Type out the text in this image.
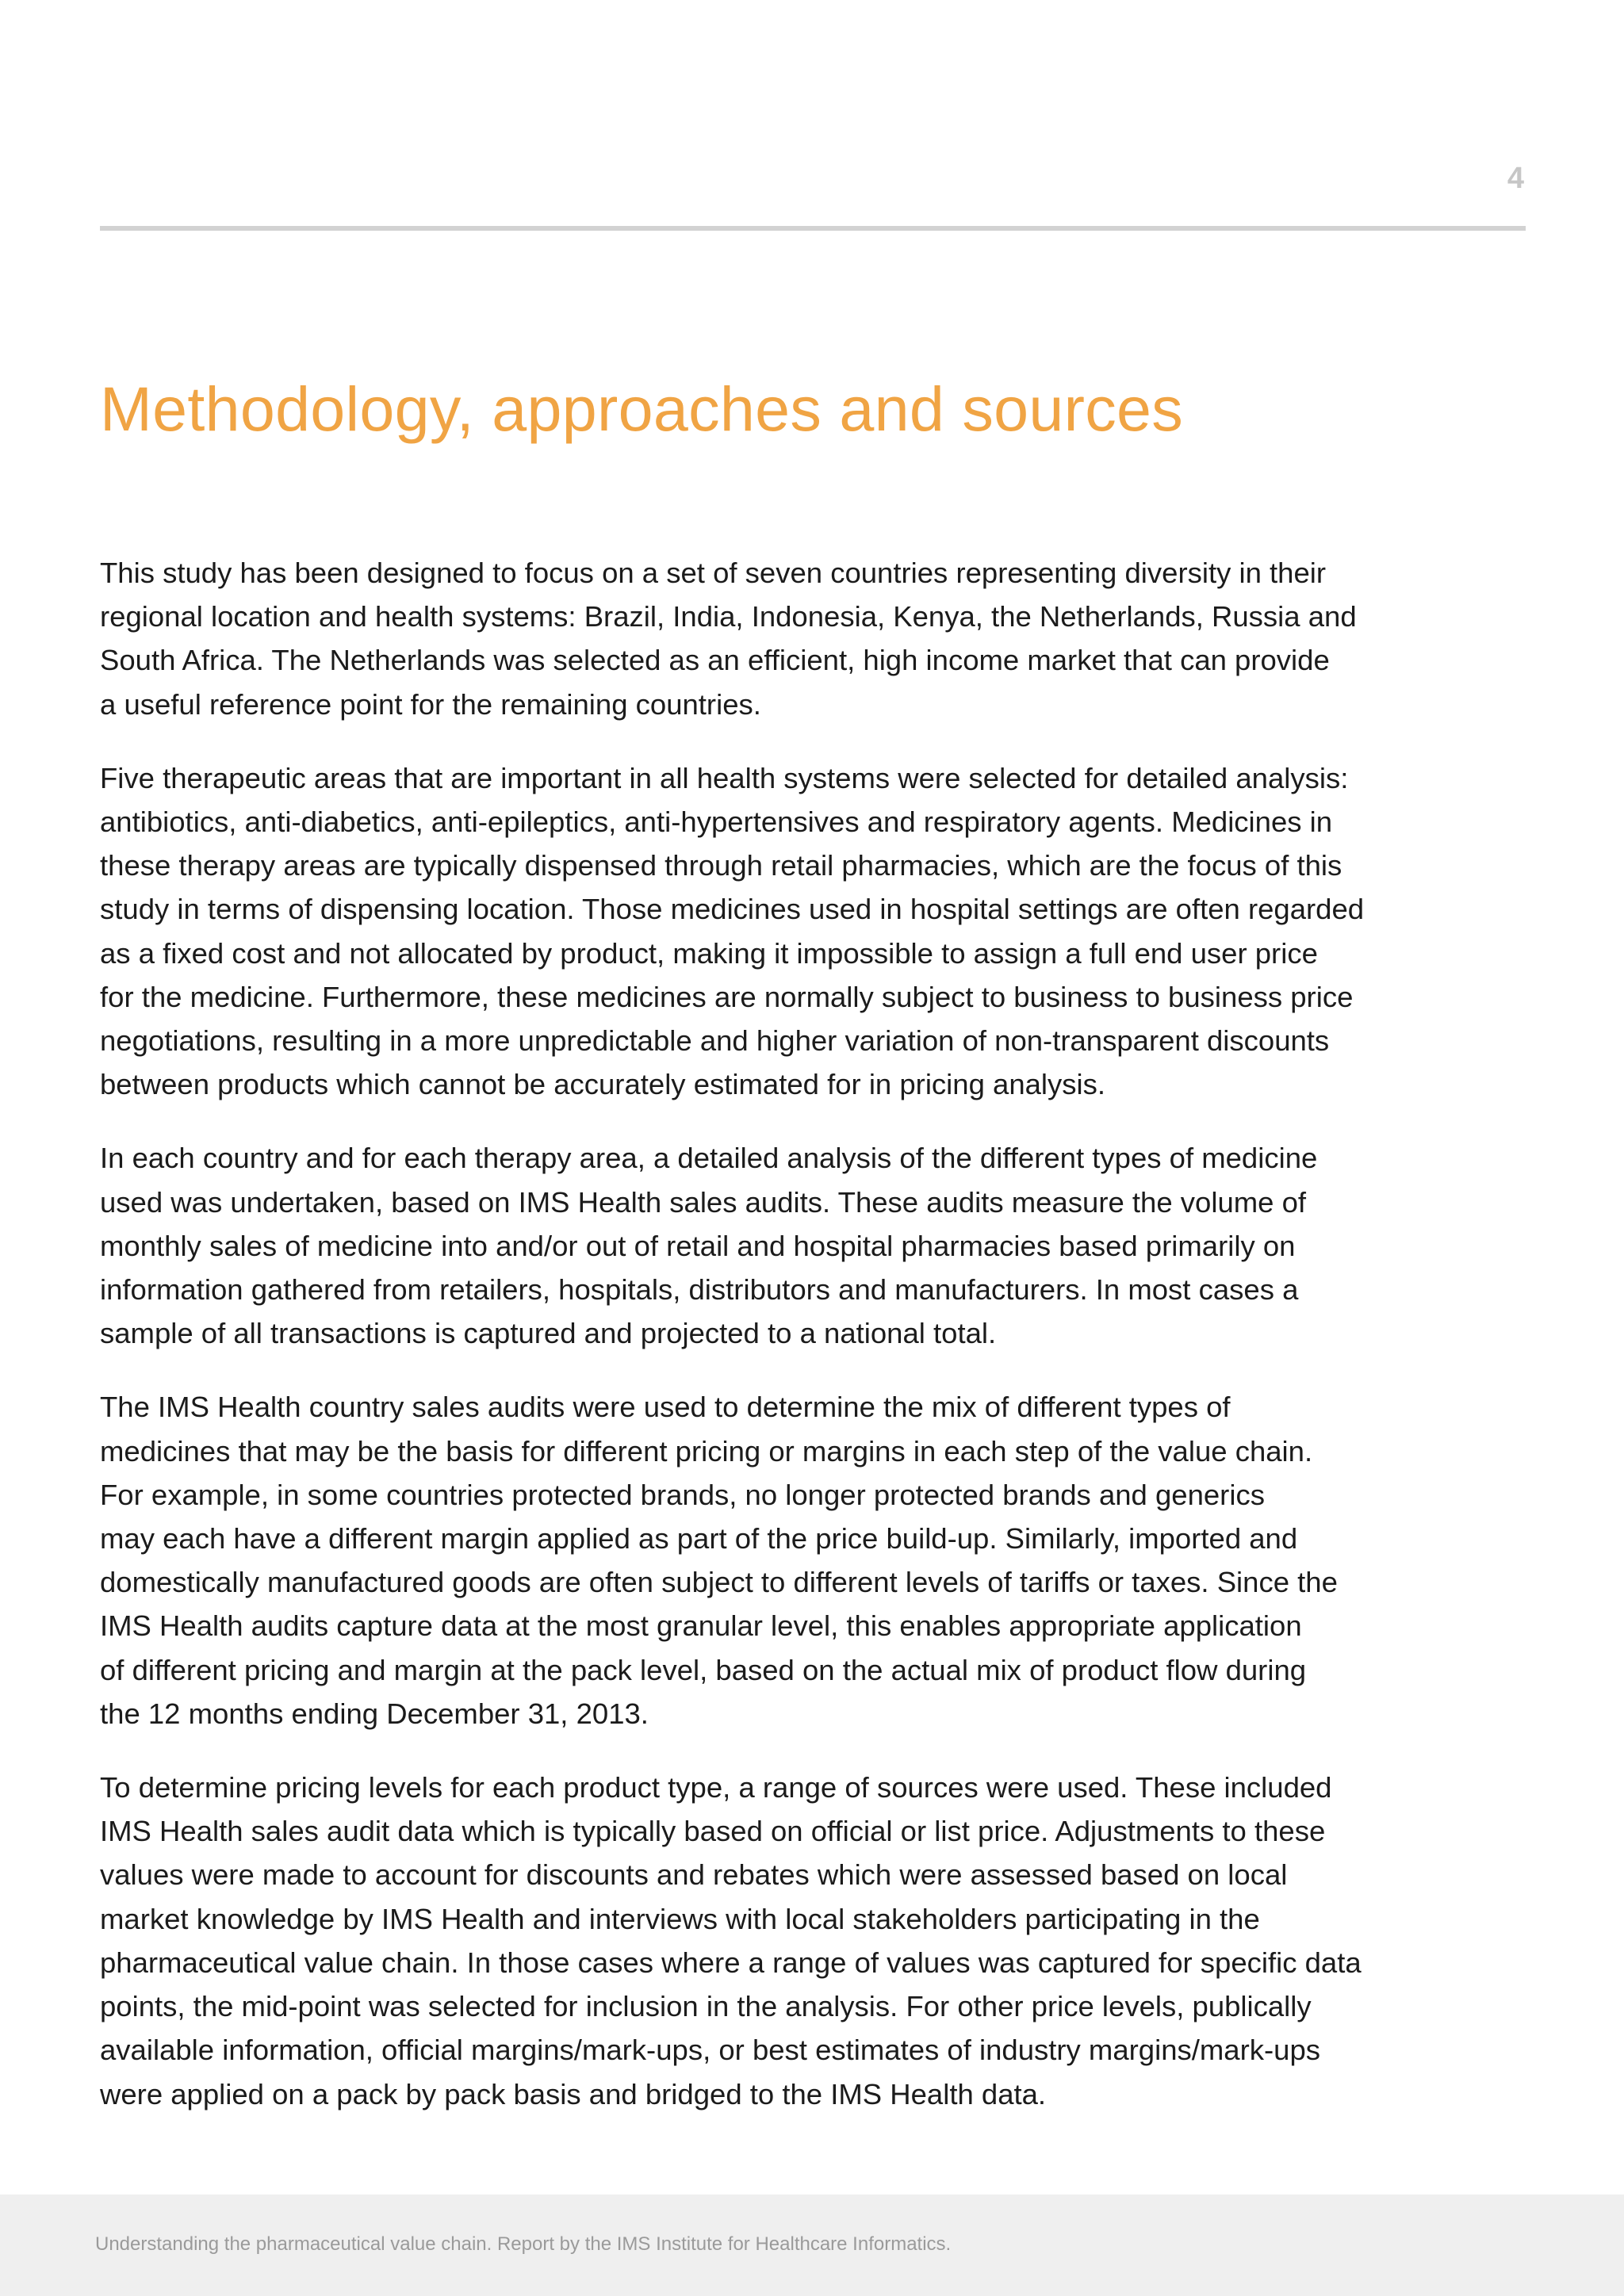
4
Methodology, approaches and sources

This study has been designed to focus on a set of seven countries representing diversity in their
regional location and health systems: Brazil, India, Indonesia, Kenya, the Netherlands, Russia and
South Africa. The Netherlands was selected as an efficient, high income market that can provide
a useful reference point for the remaining countries.

Five therapeutic areas that are important in all health systems were selected for detailed analysis:
antibiotics, anti-diabetics, anti-epileptics, anti-hypertensives and respiratory agents. Medicines in
these therapy areas are typically dispensed through retail pharmacies, which are the focus of this
study in terms of dispensing location. Those medicines used in hospital settings are often regarded
as a fixed cost and not allocated by product, making it impossible to assign a full end user price
for the medicine. Furthermore, these medicines are normally subject to business to business price
negotiations, resulting in a more unpredictable and higher variation of non-transparent discounts
between products which cannot be accurately estimated for in pricing analysis.

In each country and for each therapy area, a detailed analysis of the different types of medicine
used was undertaken, based on IMS Health sales audits. These audits measure the volume of
monthly sales of medicine into and/or out of retail and hospital pharmacies based primarily on
information gathered from retailers, hospitals, distributors and manufacturers. In most cases a
sample of all transactions is captured and projected to a national total.

The IMS Health country sales audits were used to determine the mix of different types of
medicines that may be the basis for different pricing or margins in each step of the value chain.
For example, in some countries protected brands, no longer protected brands and generics
may each have a different margin applied as part of the price build-up. Similarly, imported and
domestically manufactured goods are often subject to different levels of tariffs or taxes. Since the
IMS Health audits capture data at the most granular level, this enables appropriate application
of different pricing and margin at the pack level, based on the actual mix of product flow during
the 12 months ending December 31, 2013.

To determine pricing levels for each product type, a range of sources were used. These included
IMS Health sales audit data which is typically based on official or list price. Adjustments to these
values were made to account for discounts and rebates which were assessed based on local
market knowledge by IMS Health and interviews with local stakeholders participating in the
pharmaceutical value chain. In those cases where a range of values was captured for specific data
points, the mid-point was selected for inclusion in the analysis. For other price levels, publically
available information, official margins/mark-ups, or best estimates of industry margins/mark-ups
were applied on a pack by pack basis and bridged to the IMS Health data.

Understanding the pharmaceutical value chain. Report by the IMS Institute for Healthcare Informatics.
